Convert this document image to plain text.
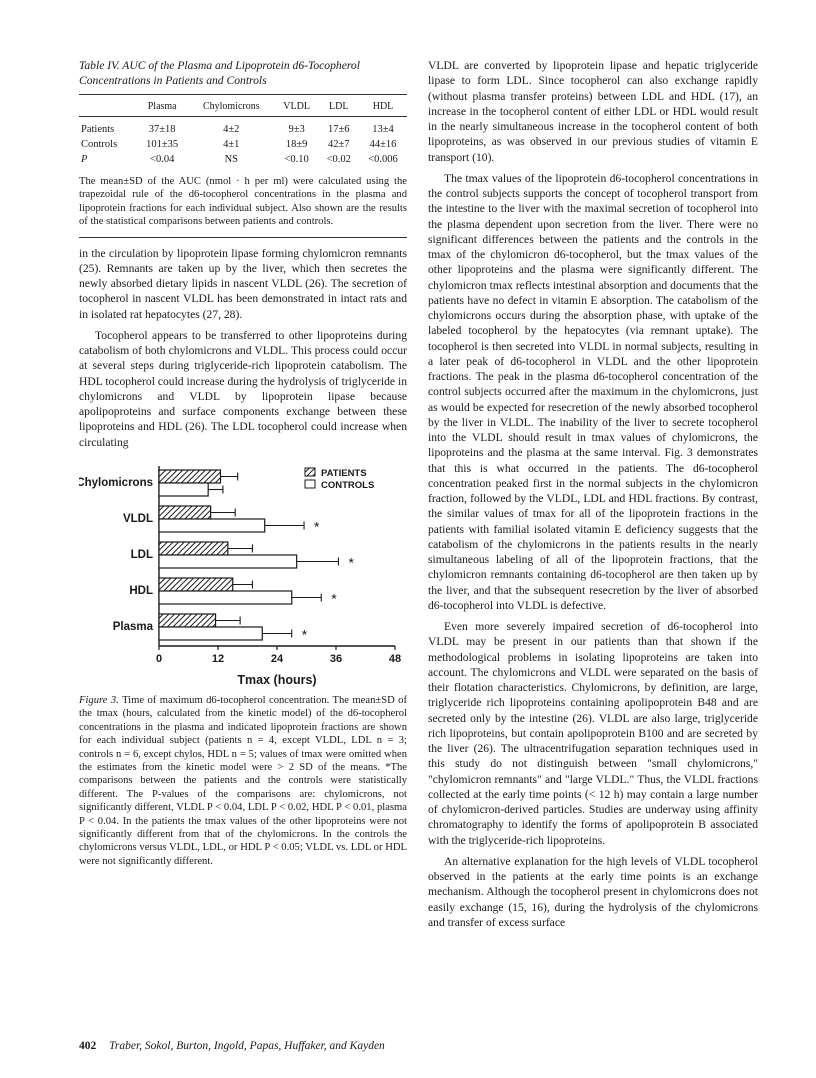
Table IV. AUC of the Plasma and Lipoprotein d6-Tocopherol Concentrations in Patients and Controls

	Plasma	Chylomicrons	VLDL	LDL	HDL
Patients	37±18	4±2	9±3	17±6	13±4
Controls	101±35	4±1	18±9	42±7	44±16
P	<0.04	NS	<0.10	<0.02	<0.006

The mean±SD of the AUC (nmol · h per ml) were calculated using the trapezoidal rule of the d6-tocopherol concentrations in the plasma and lipoprotein fractions for each individual subject. Also shown are the results of the statistical comparisons between patients and controls.

in the circulation by lipoprotein lipase forming chylomicron remnants (25). Remnants are taken up by the liver, which then secretes the newly absorbed dietary lipids in nascent VLDL (26). The secretion of tocopherol in nascent VLDL has been demonstrated in intact rats and in isolated rat hepatocytes (27, 28).

Tocopherol appears to be transferred to other lipoproteins during catabolism of both chylomicrons and VLDL. This process could occur at several steps during triglyceride-rich lipoprotein catabolism. The HDL tocopherol could increase during the hydrolysis of triglyceride in chylomicrons and VLDL by lipoprotein lipase because apolipoproteins and surface components exchange between these lipoproteins and HDL (26). The LDL tocopherol could increase when circulating

0	12	24	36	48
Tmax (hours)
Chylomicrons
VLDL	*
LDL	*
HDL	*
Plasma	*
PATIENTS
CONTROLS

Figure 3. Time of maximum d6-tocopherol concentration. The mean±SD of the tmax (hours, calculated from the kinetic model) of the d6-tocopherol concentrations in the plasma and indicated lipoprotein fractions are shown for each individual subject (patients n = 4, except VLDL, LDL n = 3; controls n = 6, except chylos, HDL n = 5; values of tmax were omitted when the estimates from the kinetic model were > 2 SD of the means. *The comparisons between the patients and the controls were statistically different. The P-values of the comparisons are: chylomicrons, not significantly different, VLDL P < 0.04, LDL P < 0.02, HDL P < 0.01, plasma P < 0.04. In the patients the tmax values of the other lipoproteins were not significantly different from that of the chylomicrons. In the controls the chylomicrons versus VLDL, LDL, or HDL P < 0.05; VLDL vs. LDL or HDL were not significantly different.

VLDL are converted by lipoprotein lipase and hepatic triglyceride lipase to form LDL. Since tocopherol can also exchange rapidly (without plasma transfer proteins) between LDL and HDL (17), an increase in the tocopherol content of either LDL or HDL would result in the nearly simultaneous increase in the tocopherol content of both lipoproteins, as was observed in our previous studies of vitamin E transport (10).

The tmax values of the lipoprotein d6-tocopherol concentrations in the control subjects supports the concept of tocopherol transport from the intestine to the liver with the maximal secretion of tocopherol into the plasma dependent upon secretion from the liver. There were no significant differences between the patients and the controls in the tmax of the chylomicron d6-tocopherol, but the tmax values of the other lipoproteins and the plasma were significantly different. The chylomicron tmax reflects intestinal absorption and documents that the patients have no defect in vitamin E absorption. The catabolism of the chylomicrons occurs during the absorption phase, with uptake of the labeled tocopherol by the hepatocytes (via remnant uptake). The tocopherol is then secreted into VLDL in normal subjects, resulting in a later peak of d6-tocopherol in VLDL and the other lipoprotein fractions. The peak in the plasma d6-tocopherol concentration of the control subjects occurred after the maximum in the chylomicrons, just as would be expected for resecretion of the newly absorbed tocopherol by the liver in VLDL. The inability of the liver to secrete tocopherol into the VLDL should result in tmax values of chylomicrons, the lipoproteins and the plasma at the same interval. Fig. 3 demonstrates that this is what occurred in the patients. The d6-tocopherol concentration peaked first in the normal subjects in the chylomicron fraction, followed by the VLDL, LDL and HDL fractions. By contrast, the similar values of tmax for all of the lipoprotein fractions in the patients with familial isolated vitamin E deficiency suggests that the catabolism of the chylomicrons in the patients results in the nearly simultaneous labeling of all of the lipoprotein fractions, that the chylomicron remnants containing d6-tocopherol are then taken up by the liver, and that the subsequent resecretion by the liver of absorbed d6-tocopherol into VLDL is defective.

Even more severely impaired secretion of d6-tocopherol into VLDL may be present in our patients than that shown if the methodological problems in isolating lipoproteins are taken into account. The chylomicrons and VLDL were separated on the basis of their flotation characteristics. Chylomicrons, by definition, are large, triglyceride rich lipoproteins containing apolipoprotein B48 and are secreted only by the intestine (26). VLDL are also large, triglyceride rich lipoproteins, but contain apolipoprotein B100 and are secreted by the liver (26). The ultracentrifugation separation techniques used in this study do not distinguish between "small chylomicrons," "chylomicron remnants" and "large VLDL." Thus, the VLDL fractions collected at the early time points (< 12 h) may contain a large number of chylomicron-derived particles. Studies are underway using affinity chromatography to identify the forms of apolipoprotein B associated with the triglyceride-rich lipoproteins.

An alternative explanation for the high levels of VLDL tocopherol observed in the patients at the early time points is an exchange mechanism. Although the tocopherol present in chylomicrons does not easily exchange (15, 16), during the hydrolysis of the chylomicrons and transfer of excess surface

402 Traber, Sokol, Burton, Ingold, Papas, Huffaker, and Kayden
